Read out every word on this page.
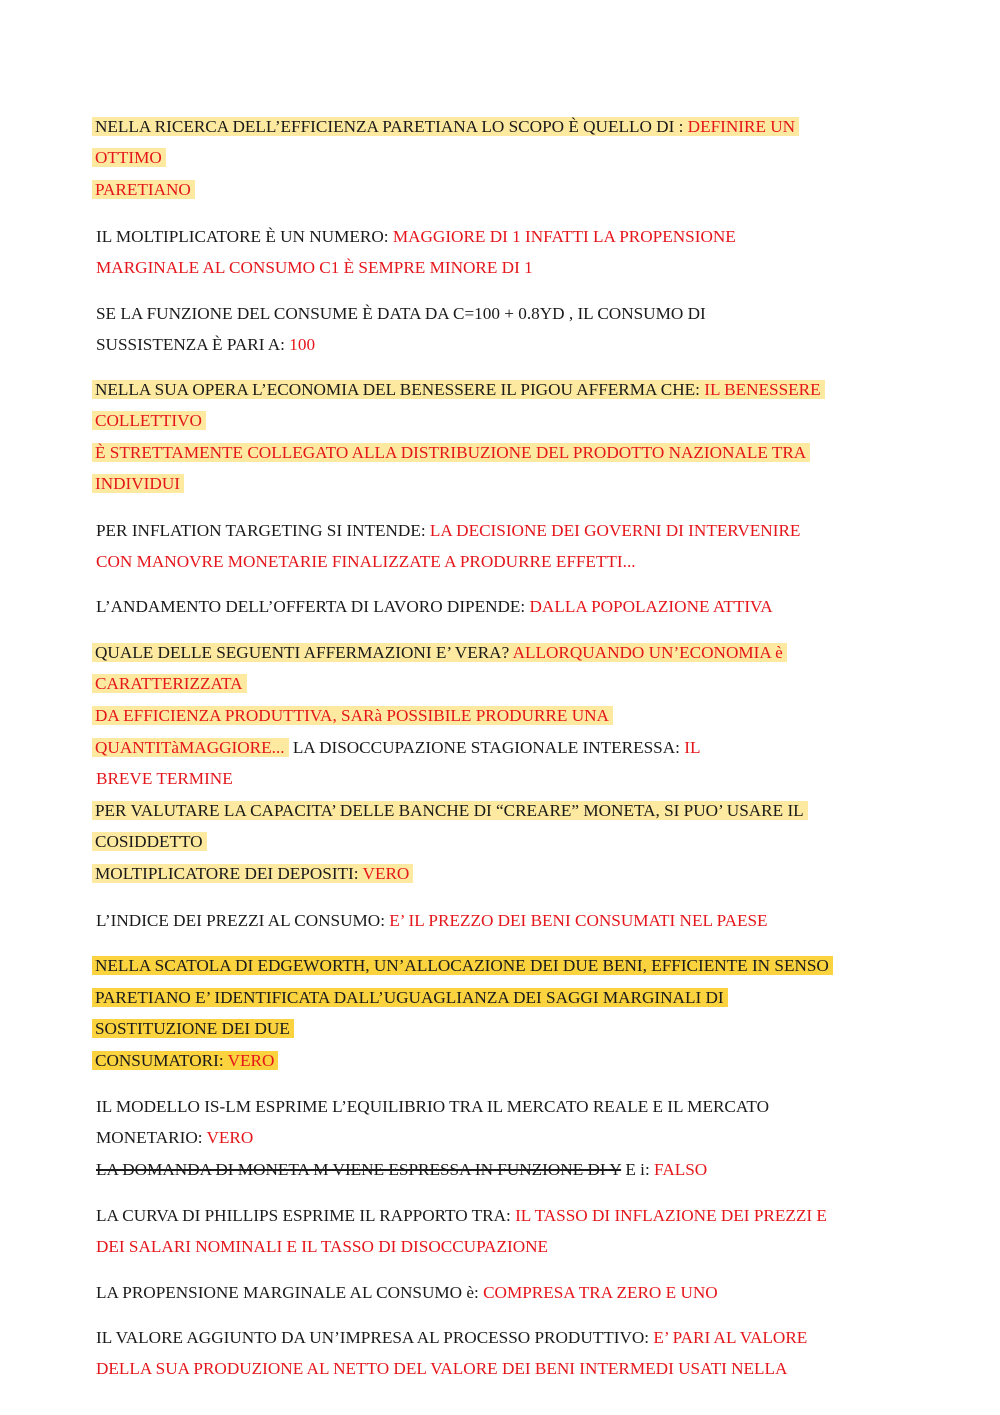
NELLA RICERCA DELL’EFFICIENZA PARETIANA LO SCOPO È QUELLO DI : DEFINIRE UN
OTTIMO
PARETIANO
IL MOLTIPLICATORE È UN NUMERO: MAGGIORE DI 1 INFATTI LA PROPENSIONE
MARGINALE AL CONSUMO C1 È SEMPRE MINORE DI 1
SE LA FUNZIONE DEL CONSUME È DATA DA C=100 + 0.8YD , IL CONSUMO DI
SUSSISTENZA È PARI A: 100
NELLA SUA OPERA L’ECONOMIA DEL BENESSERE IL PIGOU AFFERMA CHE: IL BENESSERE
COLLETTIVO
È STRETTAMENTE COLLEGATO ALLA DISTRIBUZIONE DEL PRODOTTO NAZIONALE TRA
INDIVIDUI
PER INFLATION TARGETING SI INTENDE: LA DECISIONE DEI GOVERNI DI INTERVENIRE
CON MANOVRE MONETARIE FINALIZZATE A PRODURRE EFFETTI...
L’ANDAMENTO DELL’OFFERTA DI LAVORO DIPENDE: DALLA POPOLAZIONE ATTIVA
QUALE DELLE SEGUENTI AFFERMAZIONI E’ VERA? ALLORQUANDO UN’ECONOMIA è
CARATTERIZZATA
DA EFFICIENZA PRODUTTIVA, SARà POSSIBILE PRODURRE UNA
QUANTITàMAGGIORE... LA DISOCCUPAZIONE STAGIONALE INTERESSA: IL
BREVE TERMINE
PER VALUTARE LA CAPACITA’ DELLE BANCHE DI “CREARE” MONETA, SI PUO’ USARE IL
COSIDDETTO
MOLTIPLICATORE DEI DEPOSITI: VERO
L’INDICE DEI PREZZI AL CONSUMO: E’ IL PREZZO DEI BENI CONSUMATI NEL PAESE
NELLA SCATOLA DI EDGEWORTH, UN’ALLOCAZIONE DEI DUE BENI, EFFICIENTE IN SENSO
PARETIANO E’ IDENTIFICATA DALL’UGUAGLIANZA DEI SAGGI MARGINALI DI
SOSTITUZIONE DEI DUE
CONSUMATORI: VERO
IL MODELLO IS-LM ESPRIME L’EQUILIBRIO TRA IL MERCATO REALE E IL MERCATO
MONETARIO: VERO
LA DOMANDA DI MONETA M VIENE ESPRESSA IN FUNZIONE DI Y E i: FALSO
LA CURVA DI PHILLIPS ESPRIME IL RAPPORTO TRA: IL TASSO DI INFLAZIONE DEI PREZZI E
DEI SALARI NOMINALI E IL TASSO DI DISOCCUPAZIONE
LA PROPENSIONE MARGINALE AL CONSUMO è: COMPRESA TRA ZERO E UNO
IL VALORE AGGIUNTO DA UN’IMPRESA AL PROCESSO PRODUTTIVO: E’ PARI AL VALORE
DELLA SUA PRODUZIONE AL NETTO DEL VALORE DEI BENI INTERMEDI USATI NELLA
